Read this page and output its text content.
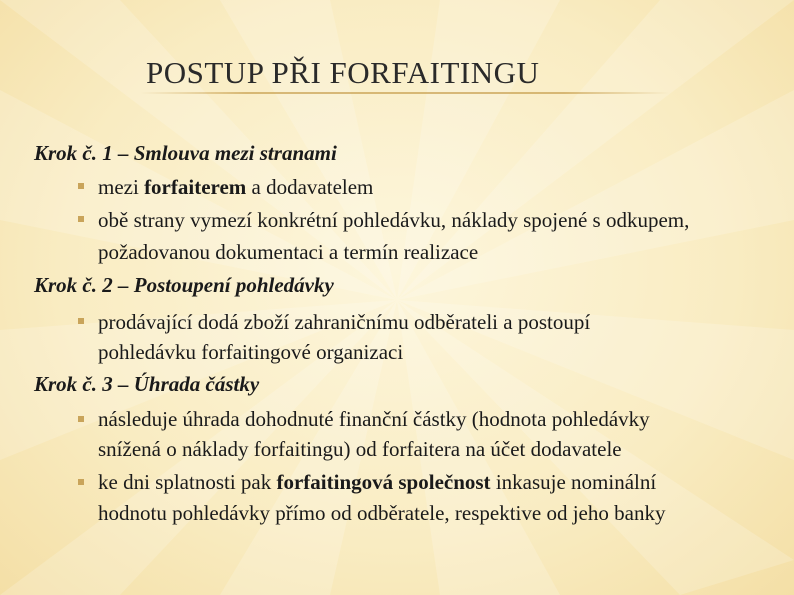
POSTUP PŘI FORFAITINGU
Krok č. 1 – Smlouva mezi stranami
mezi forfaiterem a dodavatelem
obě strany vymezí konkrétní pohledávku, náklady spojené s odkupem,
požadovanou dokumentaci a termín realizace
Krok č. 2 – Postoupení pohledávky
prodávající dodá zboží zahraničnímu odběrateli a postoupí
pohledávku forfaitingové organizaci
Krok č. 3 – Úhrada částky
následuje úhrada dohodnuté finanční částky (hodnota pohledávky
snížená o náklady forfaitingu) od forfaitera na účet dodavatele
ke dni splatnosti pak forfaitingová společnost inkasuje nominální
hodnotu pohledávky přímo od odběratele, respektive od jeho banky
